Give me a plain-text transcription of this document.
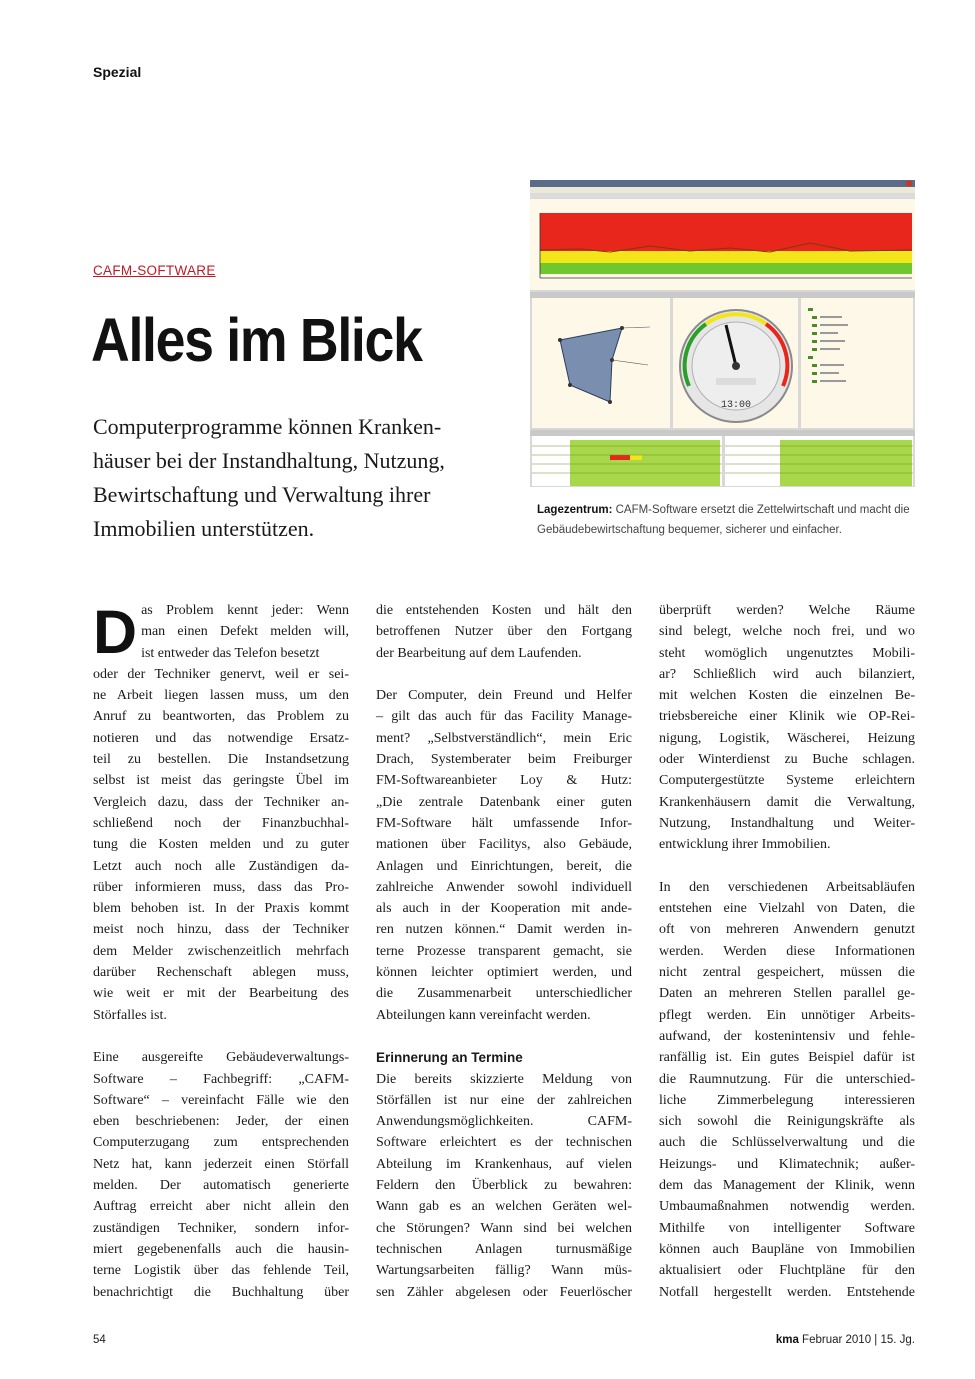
Spezial
CAFM-SOFTWARE
Alles im Blick
Computerprogramme können Kranken-
häuser bei der Instandhaltung, Nutzung,
Bewirtschaftung und Verwaltung ihrer
Immobilien unterstützen.
13:00
Lagezentrum: CAFM-Software ersetzt die Zettelwirtschaft und macht die Gebäudebewirtschaftung bequemer, sicherer und einfacher.
D as Problem kennt jeder: Wenn
man einen Defekt melden will,
ist entweder das Telefon besetzt
oder der Techniker genervt, weil er sei-
ne Arbeit liegen lassen muss, um den
Anruf zu beantworten, das Problem zu
notieren und das notwendige Ersatz-
teil zu bestellen. Die Instandsetzung
selbst ist meist das geringste Übel im
Vergleich dazu, dass der Techniker an-
schließend noch der Finanzbuchhal-
tung die Kosten melden und zu guter
Letzt auch noch alle Zuständigen da-
rüber informieren muss, dass das Pro-
blem behoben ist. In der Praxis kommt
meist noch hinzu, dass der Techniker
dem Melder zwischenzeitlich mehrfach
darüber Rechenschaft ablegen muss,
wie weit er mit der Bearbeitung des
Störfalles ist.
Eine ausgereifte Gebäudeverwaltungs-
Software – Fachbegriff: „CAFM-
Software“ – vereinfacht Fälle wie den
eben beschriebenen: Jeder, der einen
Computerzugang zum entsprechenden
Netz hat, kann jederzeit einen Störfall
melden. Der automatisch generierte
Auftrag erreicht aber nicht allein den
zuständigen Techniker, sondern infor-
miert gegebenenfalls auch die hausin-
terne Logistik über das fehlende Teil,
benachrichtigt die Buchhaltung über
die entstehenden Kosten und hält den
betroffenen Nutzer über den Fortgang
der Bearbeitung auf dem Laufenden.
Der Computer, dein Freund und Helfer
– gilt das auch für das Facility Manage-
ment? „Selbstverständlich“, mein Eric
Drach, Systemberater beim Freiburger
FM-Softwareanbieter Loy & Hutz:
„Die zentrale Datenbank einer guten
FM-Software hält umfassende Infor-
mationen über Facilitys, also Gebäude,
Anlagen und Einrichtungen, bereit, die
zahlreiche Anwender sowohl individuell
als auch in der Kooperation mit ande-
ren nutzen können.“ Damit werden in-
terne Prozesse transparent gemacht, sie
können leichter optimiert werden, und
die Zusammenarbeit unterschiedlicher
Abteilungen kann vereinfacht werden.
Erinnerung an Termine
Die bereits skizzierte Meldung von
Störfällen ist nur eine der zahlreichen
Anwendungsmöglichkeiten. CAFM-
Software erleichtert es der technischen
Abteilung im Krankenhaus, auf vielen
Feldern den Überblick zu bewahren:
Wann gab es an welchen Geräten wel-
che Störungen? Wann sind bei welchen
technischen Anlagen turnusmäßige
Wartungsarbeiten fällig? Wann müs-
sen Zähler abgelesen oder Feuerlöscher
überprüft werden? Welche Räume
sind belegt, welche noch frei, und wo
steht womöglich ungenutztes Mobili-
ar? Schließlich wird auch bilanziert,
mit welchen Kosten die einzelnen Be-
triebsbereiche einer Klinik wie OP-Rei-
nigung, Logistik, Wäscherei, Heizung
oder Winterdienst zu Buche schlagen.
Computergestützte Systeme erleichtern
Krankenhäusern damit die Verwaltung,
Nutzung, Instandhaltung und Weiter-
entwicklung ihrer Immobilien.
In den verschiedenen Arbeitsabläufen
entstehen eine Vielzahl von Daten, die
oft von mehreren Anwendern genutzt
werden. Werden diese Informationen
nicht zentral gespeichert, müssen die
Daten an mehreren Stellen parallel ge-
pflegt werden. Ein unnötiger Arbeits-
aufwand, der kostenintensiv und fehle-
ranfällig ist. Ein gutes Beispiel dafür ist
die Raumnutzung. Für die unterschied-
liche Zimmerbelegung interessieren
sich sowohl die Reinigungskräfte als
auch die Schlüsselverwaltung und die
Heizungs- und Klimatechnik; außer-
dem das Management der Klinik, wenn
Umbaumaßnahmen notwendig werden.
Mithilfe von intelligenter Software
können auch Baupläne von Immobilien
aktualisiert oder Fluchtpläne für den
Notfall hergestellt werden. Entstehende
54	kma Februar 2010 | 15. Jg.
